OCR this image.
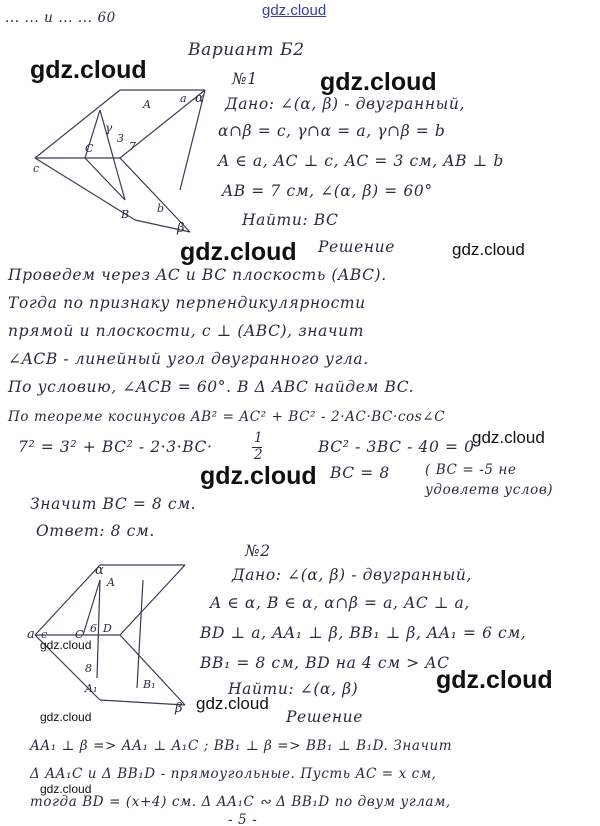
α
a
A
γ
3
c
C	7
B	b
β
α
A
6 D
a c	C
8
A₁	B₁
β
... ... и ... ... 60
Вариант Б2
№1
Дано: ∠(α, β) - двугранный,
α∩β = c, γ∩α = a, γ∩β = b
A ∈ a, AC ⊥ c, AC = 3 см, AB ⊥ b
AB = 7 см, ∠(α, β) = 60°
Найти: BC
Решение
Проведем через AC и BC плоскость (ABC).
Тогда по признаку перпендикулярности
прямой и плоскости, c ⊥ (ABC), значит
∠ACB - линейный угол двугранного угла.
По условию, ∠ACB = 60°. В Δ ABC найдем BC.
По теореме косинусов AB² = AC² + BC² - 2·AC·BC·cos∠C
7² = 3² + BC² - 2·3·BC·	1
2	BC² - 3BC - 40 = 0
BC = 8	( BC = -5 не
удовлетв услов)
Значит BC = 8 см.
Ответ: 8 см.
№2
Дано: ∠(α, β) - двугранный,
A ∈ α, B ∈ α, α∩β = a, AC ⊥ a,
BD ⊥ a, AA₁ ⊥ β, BB₁ ⊥ β, AA₁ = 6 см,
BB₁ = 8 см, BD на 4 см > AC
Найти: ∠(α, β)
Решение
AA₁ ⊥ β => AA₁ ⊥ A₁C ; BB₁ ⊥ β => BB₁ ⊥ B₁D. Значит
Δ AA₁C и Δ BB₁D - прямоугольные. Пусть AC = x см,
тогда BD = (x+4) см. Δ AA₁C ∾ Δ BB₁D по двум углам,
- 5 -
gdz.cloud
gdz.cloud	gdz.cloud
gdz.cloud	gdz.cloud
gdz.cloud
gdz.cloud
gdz.cloud
gdz.cloud
gdz.cloud
gdz.cloud
gdz.cloud
